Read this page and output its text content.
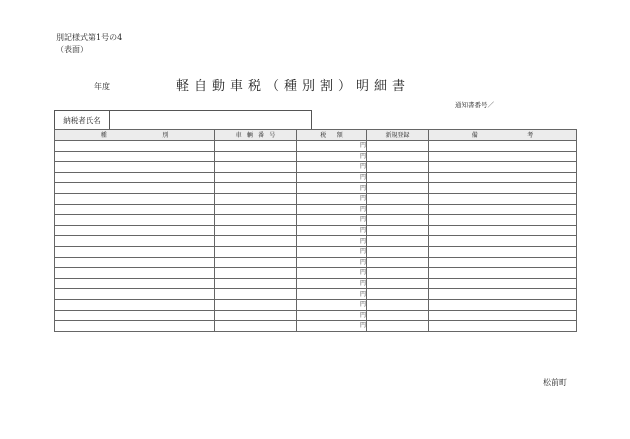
別記様式第1号の4
（表面）
年度	軽自動車税（種別割）明細書
通知書番号／
納税者氏名
種 別	車 輌 番 号	税 額	新規登録	備 考

		円		
		円		
		円		
		円		
		円		
		円		
		円		
		円		
		円		
		円		
		円		
		円		
		円		
		円		
		円		
		円		
		円		
		円		
松前町
